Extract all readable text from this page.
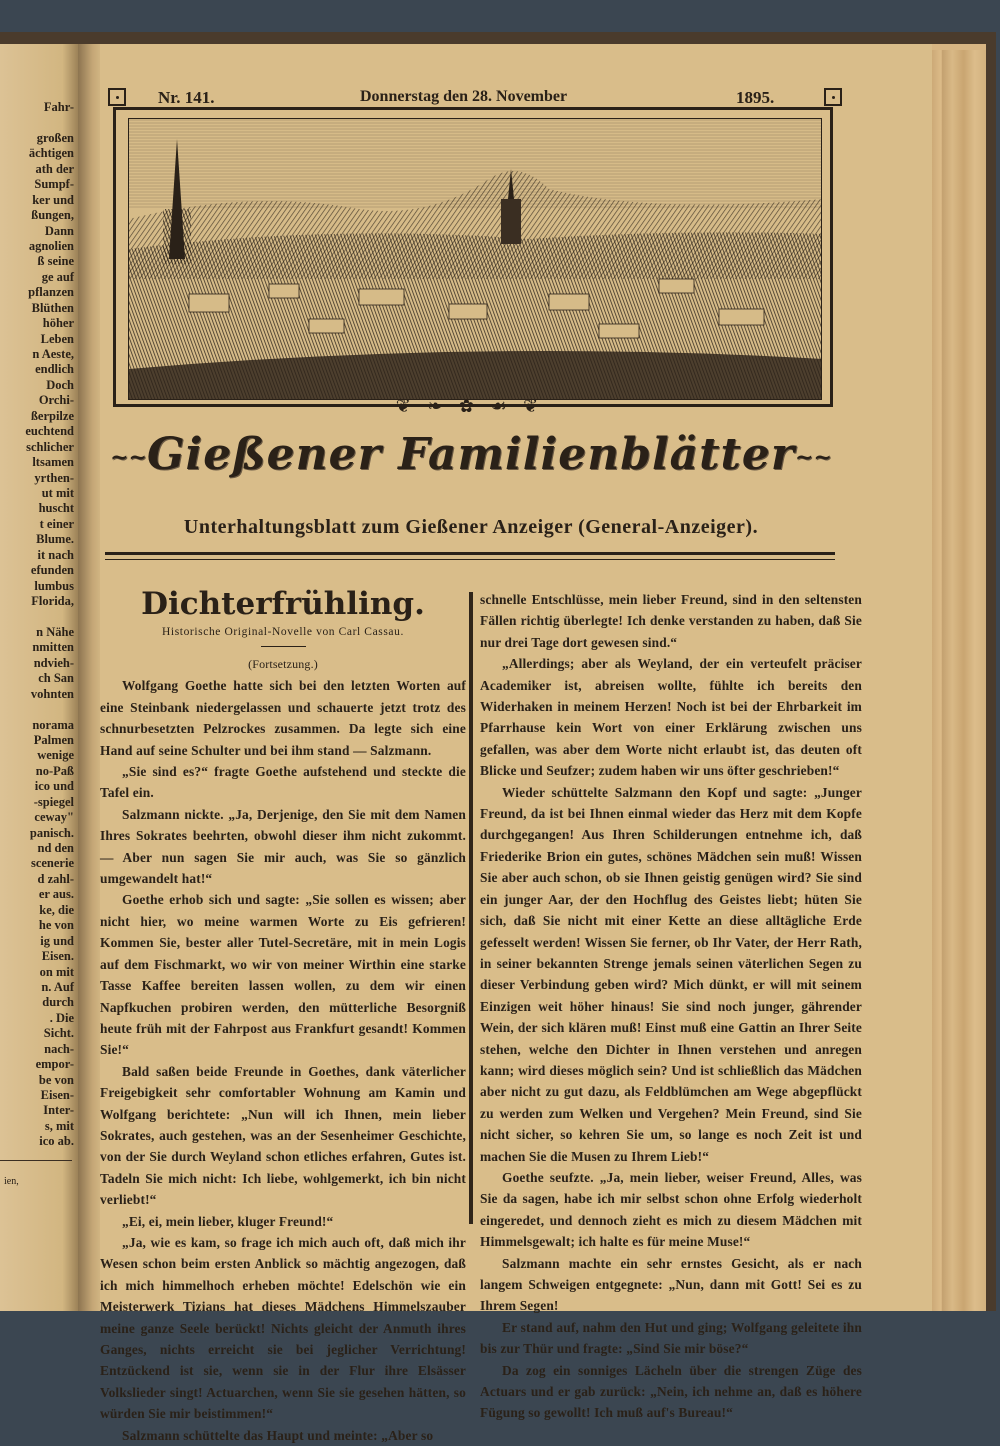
Fahr-
großen
ächtigen
ath der
Sumpf-
ker und
ßungen,
Dann
agnolien
ß seine
ge auf
pflanzen
Blüthen
höher
Leben
n Aeste,
endlich
Doch
Orchi-
ßerpilze
euchtend
schlicher
ltsamen
yrthen-
ut mit
huscht
t einer
Blume.
it nach
efunden
lumbus
Florida,
n Nähe
nmitten
ndvieh-
ch San
vohnten
norama
Palmen
wenige
no-Paß
ico und
-spiegel
ceway"
panisch.
nd den
scenerie
d zahl-
er aus.
ke, die
he von
ig und
Eisen.
on mit
n. Auf
durch
. Die
Sicht.
nach-
empor-
be von
Eisen-
Inter-
s, mit
ico ab.
ien,
Nr. 141.	Donnerstag den 28. November	1895.
❦ ❧ ✿ ☙ ❦
~~Gießener Familienblätter~~
Unterhaltungsblatt zum Gießener Anzeiger (General-Anzeiger).
Dichterfrühling.
Historische Original-Novelle von Carl Cassau.

(Fortsetzung.)

Wolfgang Goethe hatte sich bei den letzten Worten auf eine Steinbank niedergelassen und schauerte jetzt trotz des schnurbesetzten Pelzrockes zusammen. Da legte sich eine Hand auf seine Schulter und bei ihm stand — Salzmann.

„Sie sind es?“ fragte Goethe aufstehend und steckte die Tafel ein.

Salzmann nickte. „Ja, Derjenige, den Sie mit dem Namen Ihres Sokrates beehrten, obwohl dieser ihm nicht zukommt. — Aber nun sagen Sie mir auch, was Sie so gänzlich umgewandelt hat!“

Goethe erhob sich und sagte: „Sie sollen es wissen; aber nicht hier, wo meine warmen Worte zu Eis gefrieren! Kommen Sie, bester aller Tutel-Secretäre, mit in mein Logis auf dem Fischmarkt, wo wir von meiner Wirthin eine starke Tasse Kaffee bereiten lassen wollen, zu dem wir einen Napfkuchen probiren werden, den mütterliche Besorgniß heute früh mit der Fahrpost aus Frankfurt gesandt! Kommen Sie!“

Bald saßen beide Freunde in Goethes, dank väterlicher Freigebigkeit sehr comfortabler Wohnung am Kamin und Wolfgang berichtete: „Nun will ich Ihnen, mein lieber Sokrates, auch gestehen, was an der Sesenheimer Geschichte, von der Sie durch Weyland schon etliches erfahren, Gutes ist. Tadeln Sie mich nicht: Ich liebe, wohlgemerkt, ich bin nicht verliebt!“

„Ei, ei, mein lieber, kluger Freund!“

„Ja, wie es kam, so frage ich mich auch oft, daß mich ihr Wesen schon beim ersten Anblick so mächtig angezogen, daß ich mich himmelhoch erheben möchte! Edelschön wie ein Meisterwerk Tizians hat dieses Mädchens Himmelszauber meine ganze Seele berückt! Nichts gleicht der Anmuth ihres Ganges, nichts erreicht sie bei jeglicher Verrichtung! Entzückend ist sie, wenn sie in der Flur ihre Elsässer Volkslieder singt! Actuarchen, wenn Sie sie gesehen hätten, so würden Sie mir beistimmen!“

Salzmann schüttelte das Haupt und meinte: „Aber so

schnelle Entschlüsse, mein lieber Freund, sind in den seltensten Fällen richtig überlegte! Ich denke verstanden zu haben, daß Sie nur drei Tage dort gewesen sind.“

„Allerdings; aber als Weyland, der ein verteufelt präciser Academiker ist, abreisen wollte, fühlte ich bereits den Widerhaken in meinem Herzen! Noch ist bei der Ehrbarkeit im Pfarrhause kein Wort von einer Erklärung zwischen uns gefallen, was aber dem Worte nicht erlaubt ist, das deuten oft Blicke und Seufzer; zudem haben wir uns öfter geschrieben!“

Wieder schüttelte Salzmann den Kopf und sagte: „Junger Freund, da ist bei Ihnen einmal wieder das Herz mit dem Kopfe durchgegangen! Aus Ihren Schilderungen entnehme ich, daß Friederike Brion ein gutes, schönes Mädchen sein muß! Wissen Sie aber auch schon, ob sie Ihnen geistig genügen wird? Sie sind ein junger Aar, der den Hochflug des Geistes liebt; hüten Sie sich, daß Sie nicht mit einer Kette an diese alltägliche Erde gefesselt werden! Wissen Sie ferner, ob Ihr Vater, der Herr Rath, in seiner bekannten Strenge jemals seinen väterlichen Segen zu dieser Verbindung geben wird? Mich dünkt, er will mit seinem Einzigen weit höher hinaus! Sie sind noch junger, gährender Wein, der sich klären muß! Einst muß eine Gattin an Ihrer Seite stehen, welche den Dichter in Ihnen verstehen und anregen kann; wird dieses möglich sein? Und ist schließlich das Mädchen aber nicht zu gut dazu, als Feldblümchen am Wege abgepflückt zu werden zum Welken und Vergehen? Mein Freund, sind Sie nicht sicher, so kehren Sie um, so lange es noch Zeit ist und machen Sie die Musen zu Ihrem Lieb!“

Goethe seufzte. „Ja, mein lieber, weiser Freund, Alles, was Sie da sagen, habe ich mir selbst schon ohne Erfolg wiederholt eingeredet, und dennoch zieht es mich zu diesem Mädchen mit Himmelsgewalt; ich halte es für meine Muse!“

Salzmann machte ein sehr ernstes Gesicht, als er nach langem Schweigen entgegnete: „Nun, dann mit Gott! Sei es zu Ihrem Segen!

Er stand auf, nahm den Hut und ging; Wolfgang geleitete ihn bis zur Thür und fragte: „Sind Sie mir böse?“

Da zog ein sonniges Lächeln über die strengen Züge des Actuars und er gab zurück: „Nein, ich nehme an, daß es höhere Fügung so gewollt! Ich muß auf's Bureau!“
